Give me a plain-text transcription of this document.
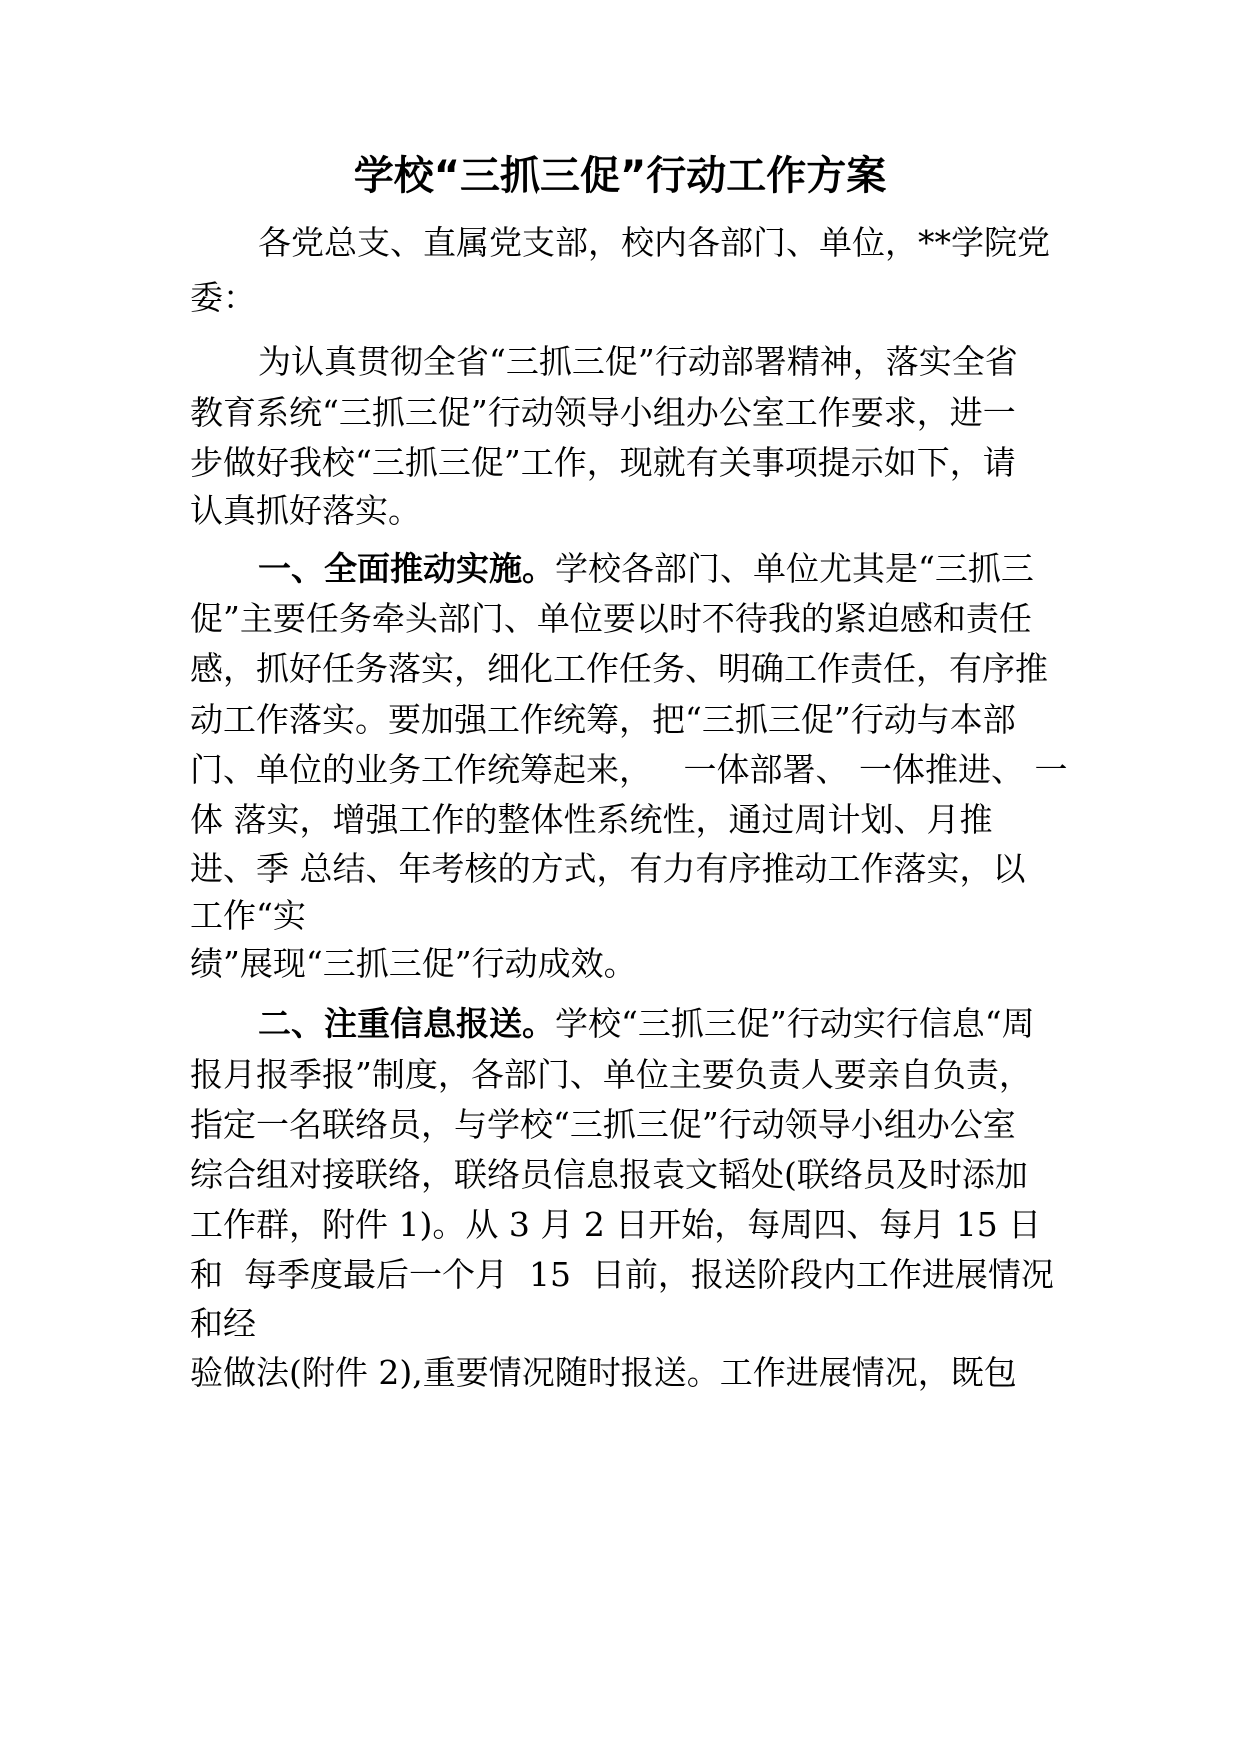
学校“三抓三促”行动工作方案
各党总支、直属党支部，校内各部门、单位，**学院党
委：
为认真贯彻全省“三抓三促”行动部署精神，落实全省
教育系统“三抓三促”行动领导小组办公室工作要求，进一
步做好我校“三抓三促”工作，现就有关事项提示如下，请
认真抓好落实。
一、全面推动实施。学校各部门、单位尤其是“三抓三
促”主要任务牵头部门、单位要以时不待我的紧迫感和责任
感，抓好任务落实，细化工作任务、明确工作责任，有序推
动工作落实。要加强工作统筹，把“三抓三促”行动与本部
门、单位的业务工作统筹起来，   一体部署、 一体推进、 一
体 落实，增强工作的整体性系统性，通过周计划、月推
进、季 总结、年考核的方式，有力有序推动工作落实，以
工作“实
绩”展现“三抓三促”行动成效。
二、注重信息报送。学校“三抓三促”行动实行信息“周
报月报季报”制度，各部门、单位主要负责人要亲自负责，
指定一名联络员，与学校“三抓三促”行动领导小组办公室
综合组对接联络，联络员信息报袁文韬处(联络员及时添加
工作群，附件 1)。从 3 月 2 日开始，每周四、每月 15 日
和  每季度最后一个月  15  日前，报送阶段内工作进展情况
和经
验做法(附件 2),重要情况随时报送。工作进展情况，既包
